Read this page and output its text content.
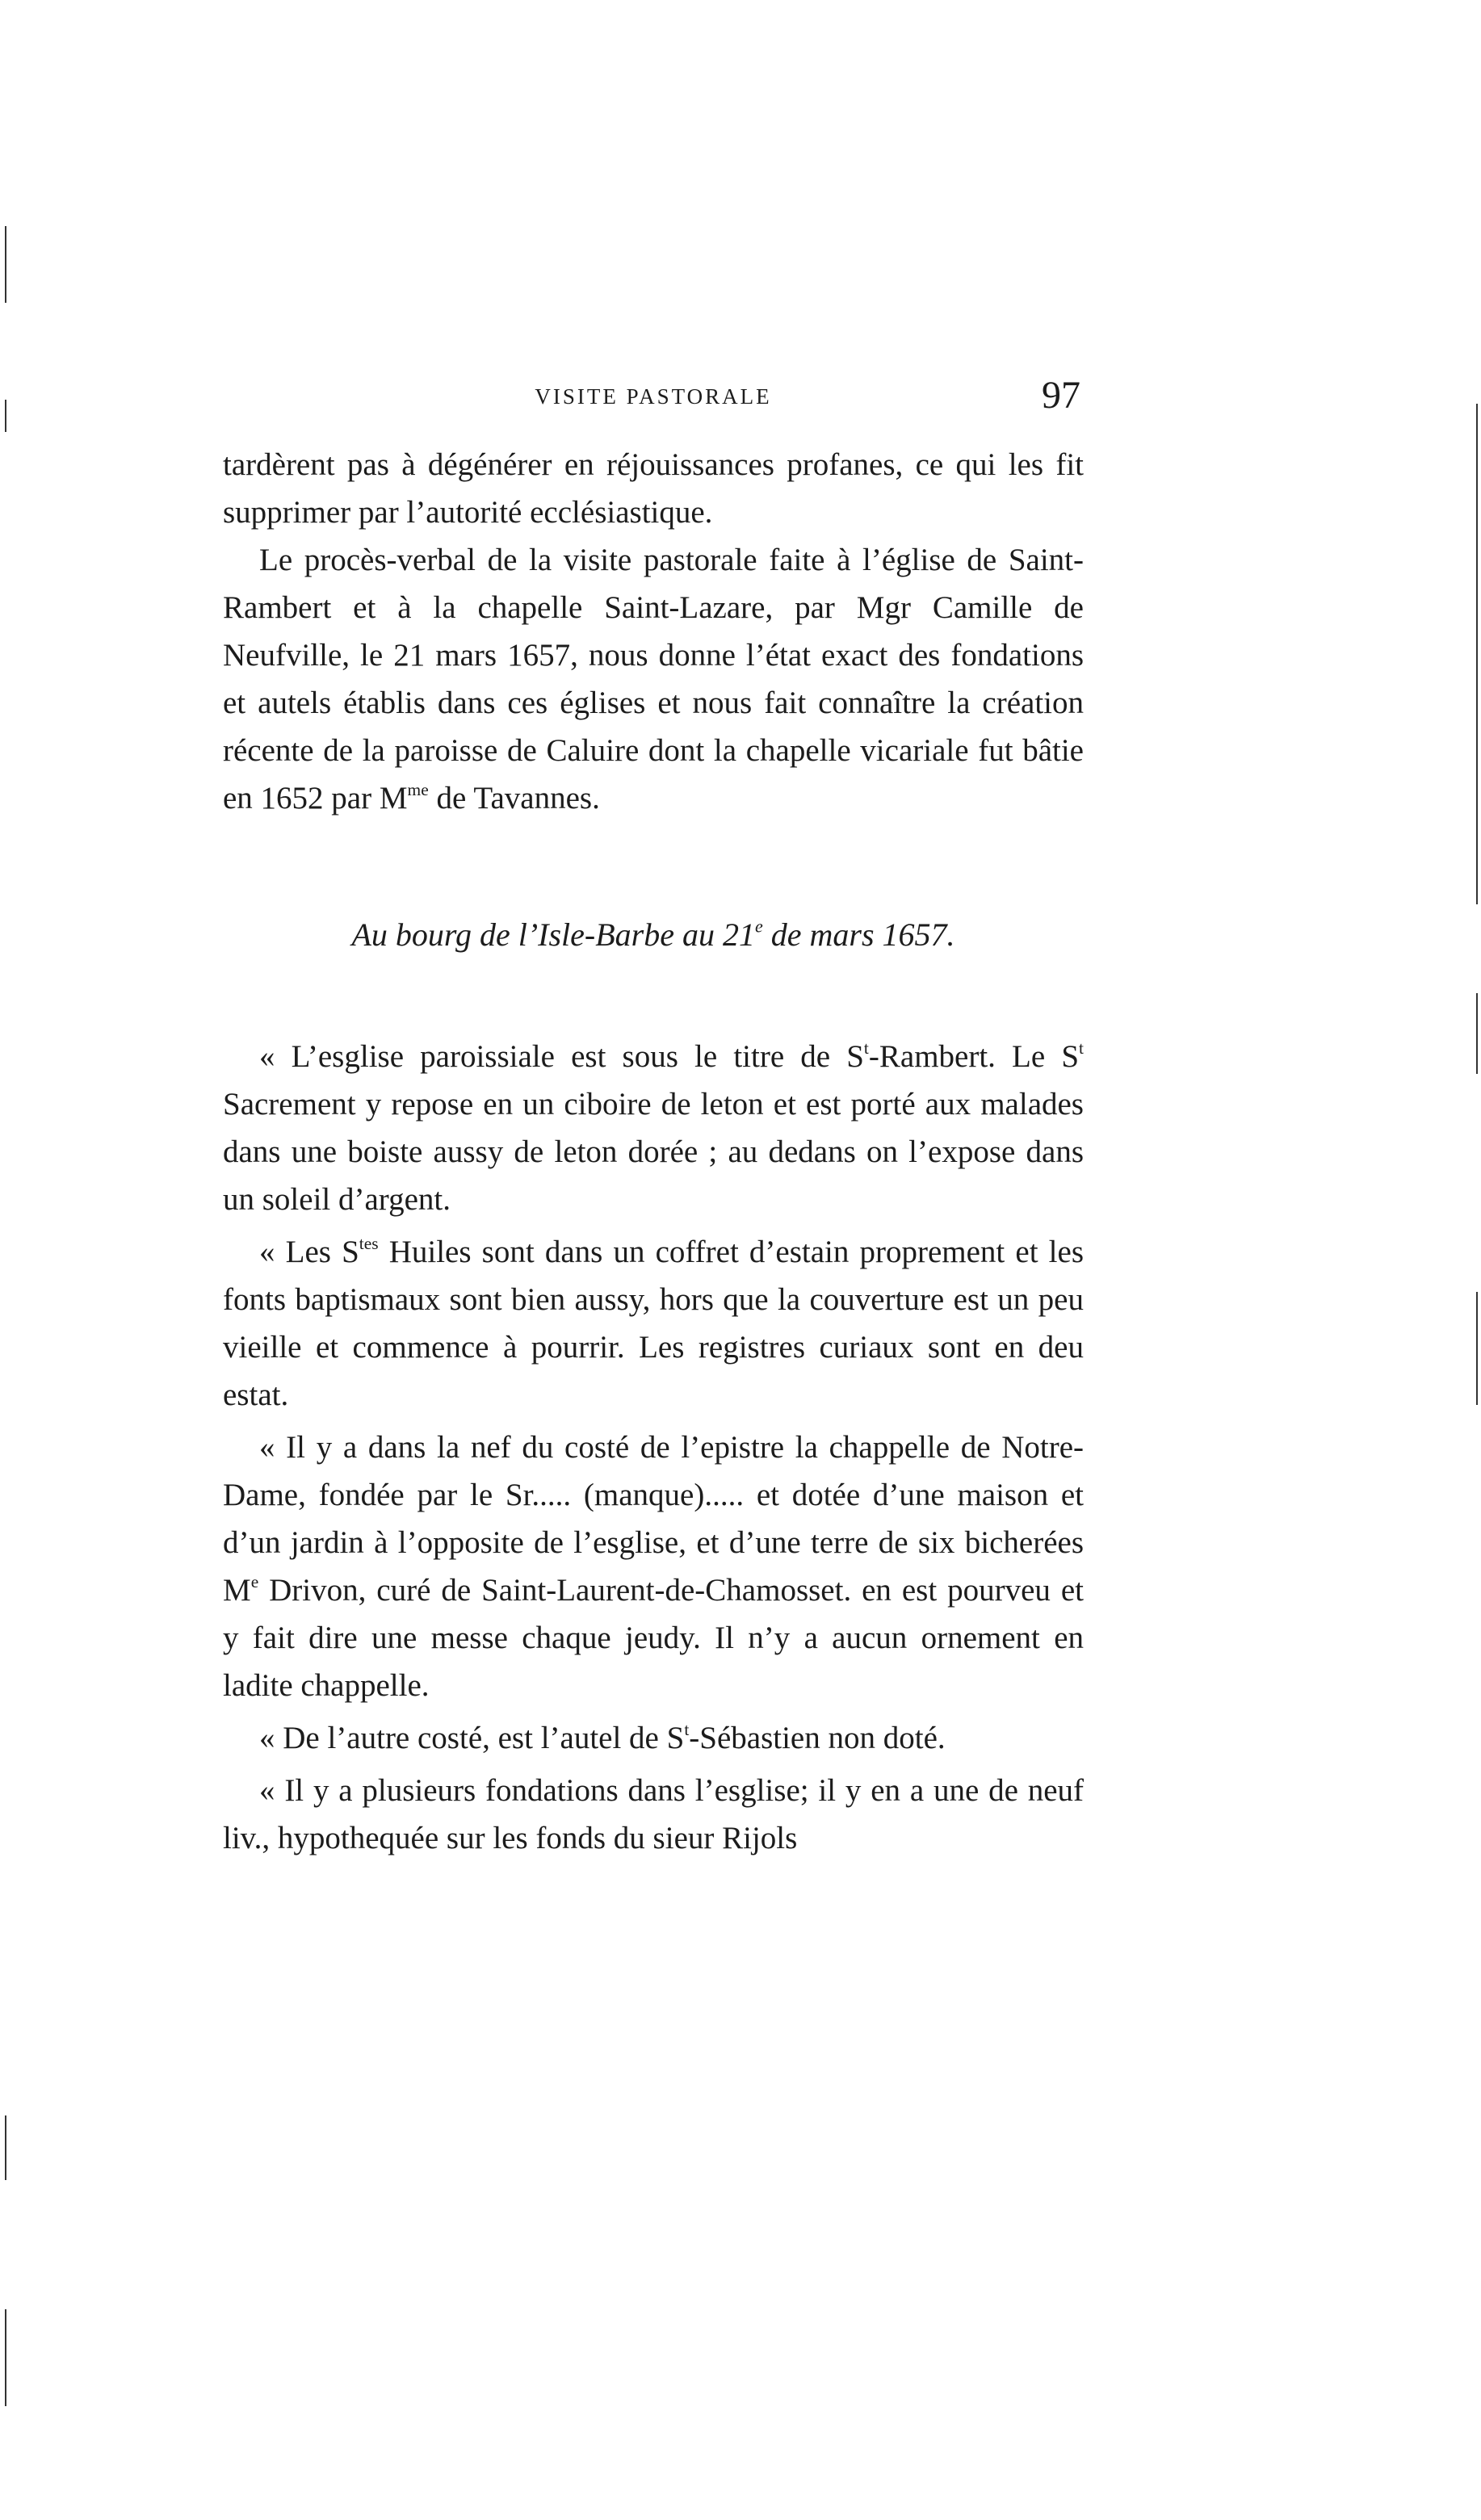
VISITE PASTORALE	97

tardèrent pas à dégénérer en réjouissances profanes, ce qui les fit supprimer par l’autorité ecclésiastique.

Le procès-verbal de la visite pastorale faite à l’église de Saint-Rambert et à la chapelle Saint-Lazare, par Mgr Camille de Neufville, le 21 mars 1657, nous donne l’état exact des fondations et autels établis dans ces églises et nous fait connaître la création récente de la paroisse de Caluire dont la chapelle vicariale fut bâtie en 1652 par $M^{me}$ de Tavannes.

Au bourg de l’Isle-Barbe au 21e de mars 1657.

« L’esglise paroissiale est sous le titre de $S^t$-Rambert. Le $S^t$ Sacrement y repose en un ciboire de leton et est porté aux malades dans une boiste aussy de leton dorée ; au dedans on l’expose dans un soleil d’argent.

« Les $S^{tes}$ Huiles sont dans un coffret d’estain proprement et les fonts baptismaux sont bien aussy, hors que la couverture est un peu vieille et commence à pourrir. Les registres curiaux sont en deu estat.

« Il y a dans la nef du costé de l’epistre la chappelle de Notre-Dame, fondée par le Sr..... (manque)..... et dotée d’une maison et d’un jardin à l’opposite de l’esglise, et d’une terre de six bicherées Me Drivon, curé de Saint-Laurent-de-Chamosset. en est pourveu et y fait dire une messe chaque jeudy. Il n’y a aucun ornement en ladite chappelle.

« De l’autre costé, est l’autel de $S^t$-Sébastien non doté.

« Il y a plusieurs fondations dans l’esglise; il y en a une de neuf liv., hypothequée sur les fonds du sieur Rijols
